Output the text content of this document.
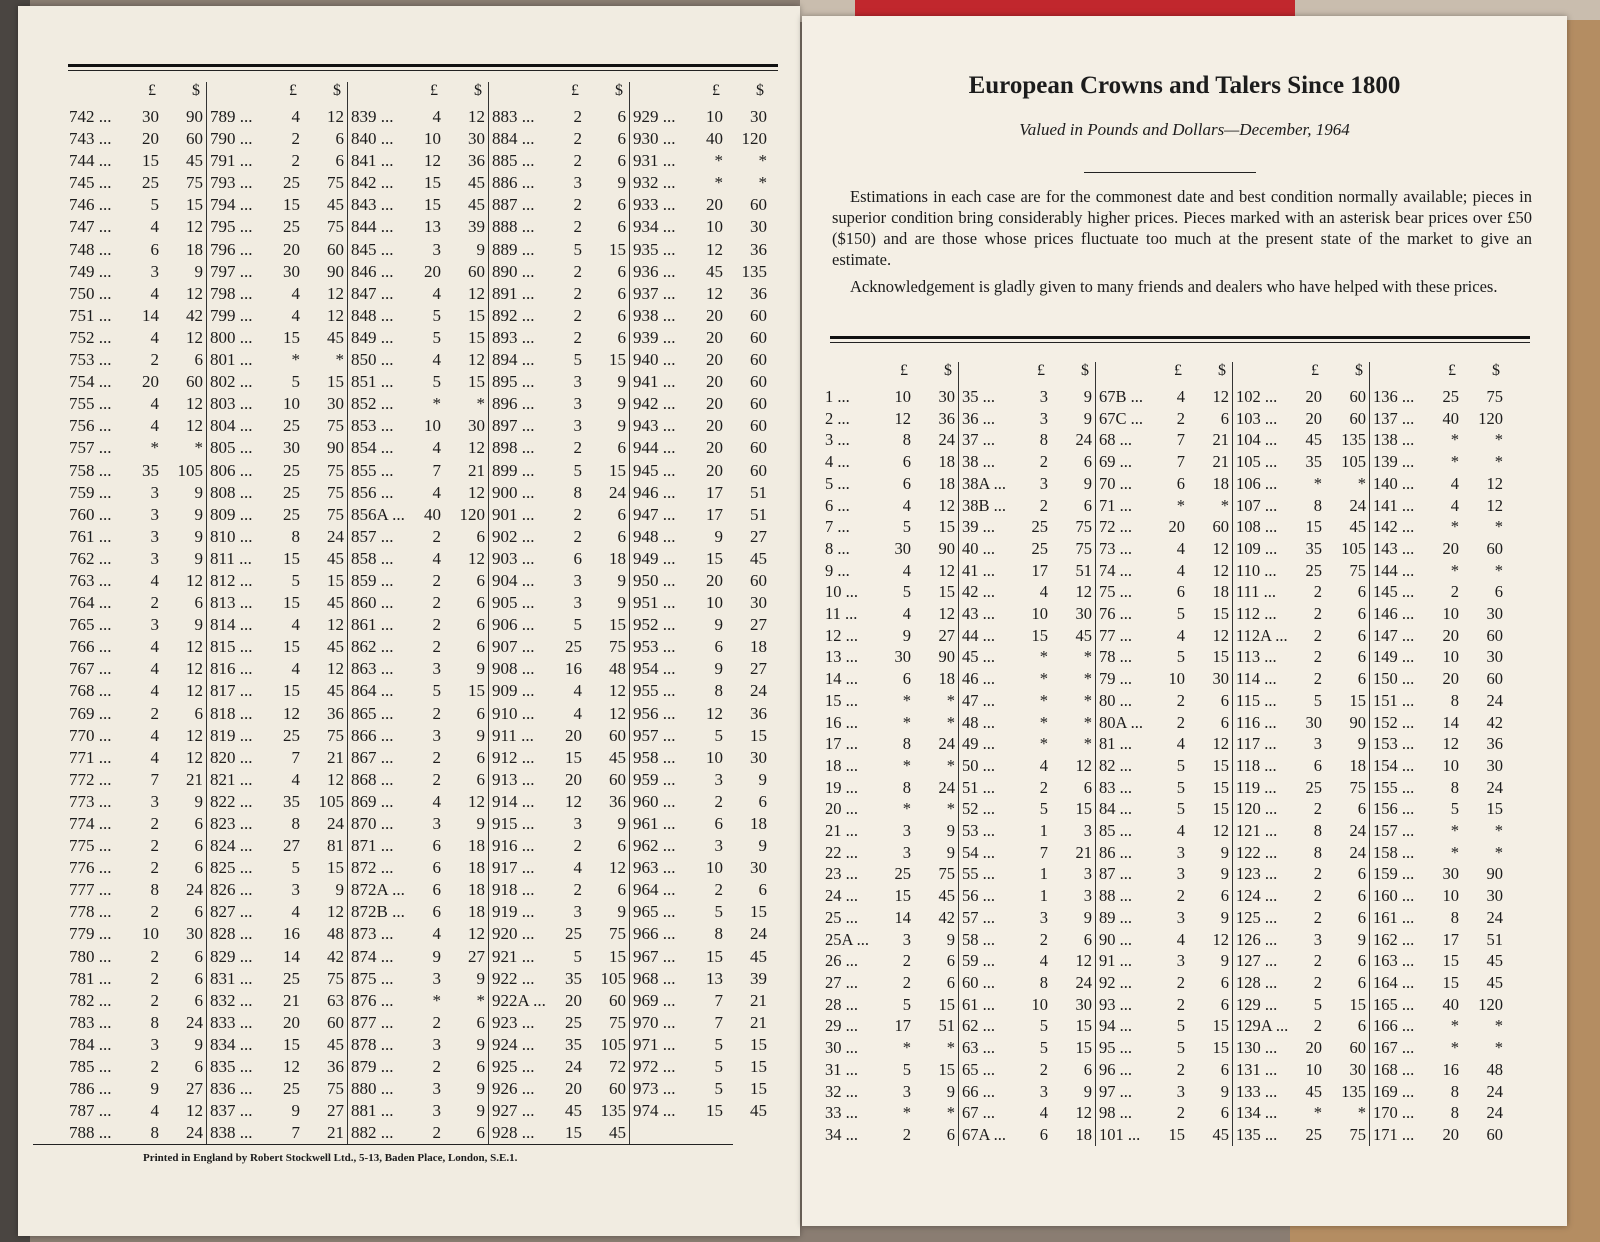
£	$
742 ...	30	90
743 ...	20	60
744 ...	15	45
745 ...	25	75
746 ...	5	15
747 ...	4	12
748 ...	6	18
749 ...	3	9
750 ...	4	12
751 ...	14	42
752 ...	4	12
753 ...	2	6
754 ...	20	60
755 ...	4	12
756 ...	4	12
757 ...	*	*
758 ...	35	105
759 ...	3	9
760 ...	3	9
761 ...	3	9
762 ...	3	9
763 ...	4	12
764 ...	2	6
765 ...	3	9
766 ...	4	12
767 ...	4	12
768 ...	4	12
769 ...	2	6
770 ...	4	12
771 ...	4	12
772 ...	7	21
773 ...	3	9
774 ...	2	6
775 ...	2	6
776 ...	2	6
777 ...	8	24
778 ...	2	6
779 ...	10	30
780 ...	2	6
781 ...	2	6
782 ...	2	6
783 ...	8	24
784 ...	3	9
785 ...	2	6
786 ...	9	27
787 ...	4	12
788 ...	8	24
£	$
789 ...	4	12
790 ...	2	6
791 ...	2	6
793 ...	25	75
794 ...	15	45
795 ...	25	75
796 ...	20	60
797 ...	30	90
798 ...	4	12
799 ...	4	12
800 ...	15	45
801 ...	*	*
802 ...	5	15
803 ...	10	30
804 ...	25	75
805 ...	30	90
806 ...	25	75
808 ...	25	75
809 ...	25	75
810 ...	8	24
811 ...	15	45
812 ...	5	15
813 ...	15	45
814 ...	4	12
815 ...	15	45
816 ...	4	12
817 ...	15	45
818 ...	12	36
819 ...	25	75
820 ...	7	21
821 ...	4	12
822 ...	35	105
823 ...	8	24
824 ...	27	81
825 ...	5	15
826 ...	3	9
827 ...	4	12
828 ...	16	48
829 ...	14	42
831 ...	25	75
832 ...	21	63
833 ...	20	60
834 ...	15	45
835 ...	12	36
836 ...	25	75
837 ...	9	27
838 ...	7	21
£	$
839 ...	4	12
840 ...	10	30
841 ...	12	36
842 ...	15	45
843 ...	15	45
844 ...	13	39
845 ...	3	9
846 ...	20	60
847 ...	4	12
848 ...	5	15
849 ...	5	15
850 ...	4	12
851 ...	5	15
852 ...	*	*
853 ...	10	30
854 ...	4	12
855 ...	7	21
856 ...	4	12
856A ...	40	120
857 ...	2	6
858 ...	4	12
859 ...	2	6
860 ...	2	6
861 ...	2	6
862 ...	2	6
863 ...	3	9
864 ...	5	15
865 ...	2	6
866 ...	3	9
867 ...	2	6
868 ...	2	6
869 ...	4	12
870 ...	3	9
871 ...	6	18
872 ...	6	18
872A ...	6	18
872B ...	6	18
873 ...	4	12
874 ...	9	27
875 ...	3	9
876 ...	*	*
877 ...	2	6
878 ...	3	9
879 ...	2	6
880 ...	3	9
881 ...	3	9
882 ...	2	6
£	$
883 ...	2	6
884 ...	2	6
885 ...	2	6
886 ...	3	9
887 ...	2	6
888 ...	2	6
889 ...	5	15
890 ...	2	6
891 ...	2	6
892 ...	2	6
893 ...	2	6
894 ...	5	15
895 ...	3	9
896 ...	3	9
897 ...	3	9
898 ...	2	6
899 ...	5	15
900 ...	8	24
901 ...	2	6
902 ...	2	6
903 ...	6	18
904 ...	3	9
905 ...	3	9
906 ...	5	15
907 ...	25	75
908 ...	16	48
909 ...	4	12
910 ...	4	12
911 ...	20	60
912 ...	15	45
913 ...	20	60
914 ...	12	36
915 ...	3	9
916 ...	2	6
917 ...	4	12
918 ...	2	6
919 ...	3	9
920 ...	25	75
921 ...	5	15
922 ...	35	105
922A ...	20	60
923 ...	25	75
924 ...	35	105
925 ...	24	72
926 ...	20	60
927 ...	45	135
928 ...	15	45
£	$
929 ...	10	30
930 ...	40	120
931 ...	*	*
932 ...	*	*
933 ...	20	60
934 ...	10	30
935 ...	12	36
936 ...	45	135
937 ...	12	36
938 ...	20	60
939 ...	20	60
940 ...	20	60
941 ...	20	60
942 ...	20	60
943 ...	20	60
944 ...	20	60
945 ...	20	60
946 ...	17	51
947 ...	17	51
948 ...	9	27
949 ...	15	45
950 ...	20	60
951 ...	10	30
952 ...	9	27
953 ...	6	18
954 ...	9	27
955 ...	8	24
956 ...	12	36
957 ...	5	15
958 ...	10	30
959 ...	3	9
960 ...	2	6
961 ...	6	18
962 ...	3	9
963 ...	10	30
964 ...	2	6
965 ...	5	15
966 ...	8	24
967 ...	15	45
968 ...	13	39
969 ...	7	21
970 ...	7	21
971 ...	5	15
972 ...	5	15
973 ...	5	15
974 ...	15	45
Printed in England by Robert Stockwell Ltd., 5-13, Baden Place, London, S.E.1.
European Crowns and Talers Since 1800
Valued in Pounds and Dollars—December, 1964

Estimations in each case are for the commonest date and best condition normally available; pieces in superior condition bring considerably higher prices. Pieces marked with an asterisk bear prices over £50 ($150) and are those whose prices fluctuate too much at the present state of the market to give an estimate.

Acknowledgement is gladly given to many friends and dealers who have helped with these prices.

£	$
1 ...	10	30
2 ...	12	36
3 ...	8	24
4 ...	6	18
5 ...	6	18
6 ...	4	12
7 ...	5	15
8 ...	30	90
9 ...	4	12
10 ...	5	15
11 ...	4	12
12 ...	9	27
13 ...	30	90
14 ...	6	18
15 ...	*	*
16 ...	*	*
17 ...	8	24
18 ...	*	*
19 ...	8	24
20 ...	*	*
21 ...	3	9
22 ...	3	9
23 ...	25	75
24 ...	15	45
25 ...	14	42
25A ...	3	9
26 ...	2	6
27 ...	2	6
28 ...	5	15
29 ...	17	51
30 ...	*	*
31 ...	5	15
32 ...	3	9
33 ...	*	*
34 ...	2	6
£	$
35 ...	3	9
36 ...	3	9
37 ...	8	24
38 ...	2	6
38A ...	3	9
38B ...	2	6
39 ...	25	75
40 ...	25	75
41 ...	17	51
42 ...	4	12
43 ...	10	30
44 ...	15	45
45 ...	*	*
46 ...	*	*
47 ...	*	*
48 ...	*	*
49 ...	*	*
50 ...	4	12
51 ...	2	6
52 ...	5	15
53 ...	1	3
54 ...	7	21
55 ...	1	3
56 ...	1	3
57 ...	3	9
58 ...	2	6
59 ...	4	12
60 ...	8	24
61 ...	10	30
62 ...	5	15
63 ...	5	15
65 ...	2	6
66 ...	3	9
67 ...	4	12
67A ...	6	18
£	$
67B ...	4	12
67C ...	2	6
68 ...	7	21
69 ...	7	21
70 ...	6	18
71 ...	*	*
72 ...	20	60
73 ...	4	12
74 ...	4	12
75 ...	6	18
76 ...	5	15
77 ...	4	12
78 ...	5	15
79 ...	10	30
80 ...	2	6
80A ...	2	6
81 ...	4	12
82 ...	5	15
83 ...	5	15
84 ...	5	15
85 ...	4	12
86 ...	3	9
87 ...	3	9
88 ...	2	6
89 ...	3	9
90 ...	4	12
91 ...	3	9
92 ...	2	6
93 ...	2	6
94 ...	5	15
95 ...	5	15
96 ...	2	6
97 ...	3	9
98 ...	2	6
101 ...	15	45
£	$
102 ...	20	60
103 ...	20	60
104 ...	45	135
105 ...	35	105
106 ...	*	*
107 ...	8	24
108 ...	15	45
109 ...	35	105
110 ...	25	75
111 ...	2	6
112 ...	2	6
112A ...	2	6
113 ...	2	6
114 ...	2	6
115 ...	5	15
116 ...	30	90
117 ...	3	9
118 ...	6	18
119 ...	25	75
120 ...	2	6
121 ...	8	24
122 ...	8	24
123 ...	2	6
124 ...	2	6
125 ...	2	6
126 ...	3	9
127 ...	2	6
128 ...	2	6
129 ...	5	15
129A ...	2	6
130 ...	20	60
131 ...	10	30
133 ...	45	135
134 ...	*	*
135 ...	25	75
£	$
136 ...	25	75
137 ...	40	120
138 ...	*	*
139 ...	*	*
140 ...	4	12
141 ...	4	12
142 ...	*	*
143 ...	20	60
144 ...	*	*
145 ...	2	6
146 ...	10	30
147 ...	20	60
149 ...	10	30
150 ...	20	60
151 ...	8	24
152 ...	14	42
153 ...	12	36
154 ...	10	30
155 ...	8	24
156 ...	5	15
157 ...	*	*
158 ...	*	*
159 ...	30	90
160 ...	10	30
161 ...	8	24
162 ...	17	51
163 ...	15	45
164 ...	15	45
165 ...	40	120
166 ...	*	*
167 ...	*	*
168 ...	16	48
169 ...	8	24
170 ...	8	24
171 ...	20	60
